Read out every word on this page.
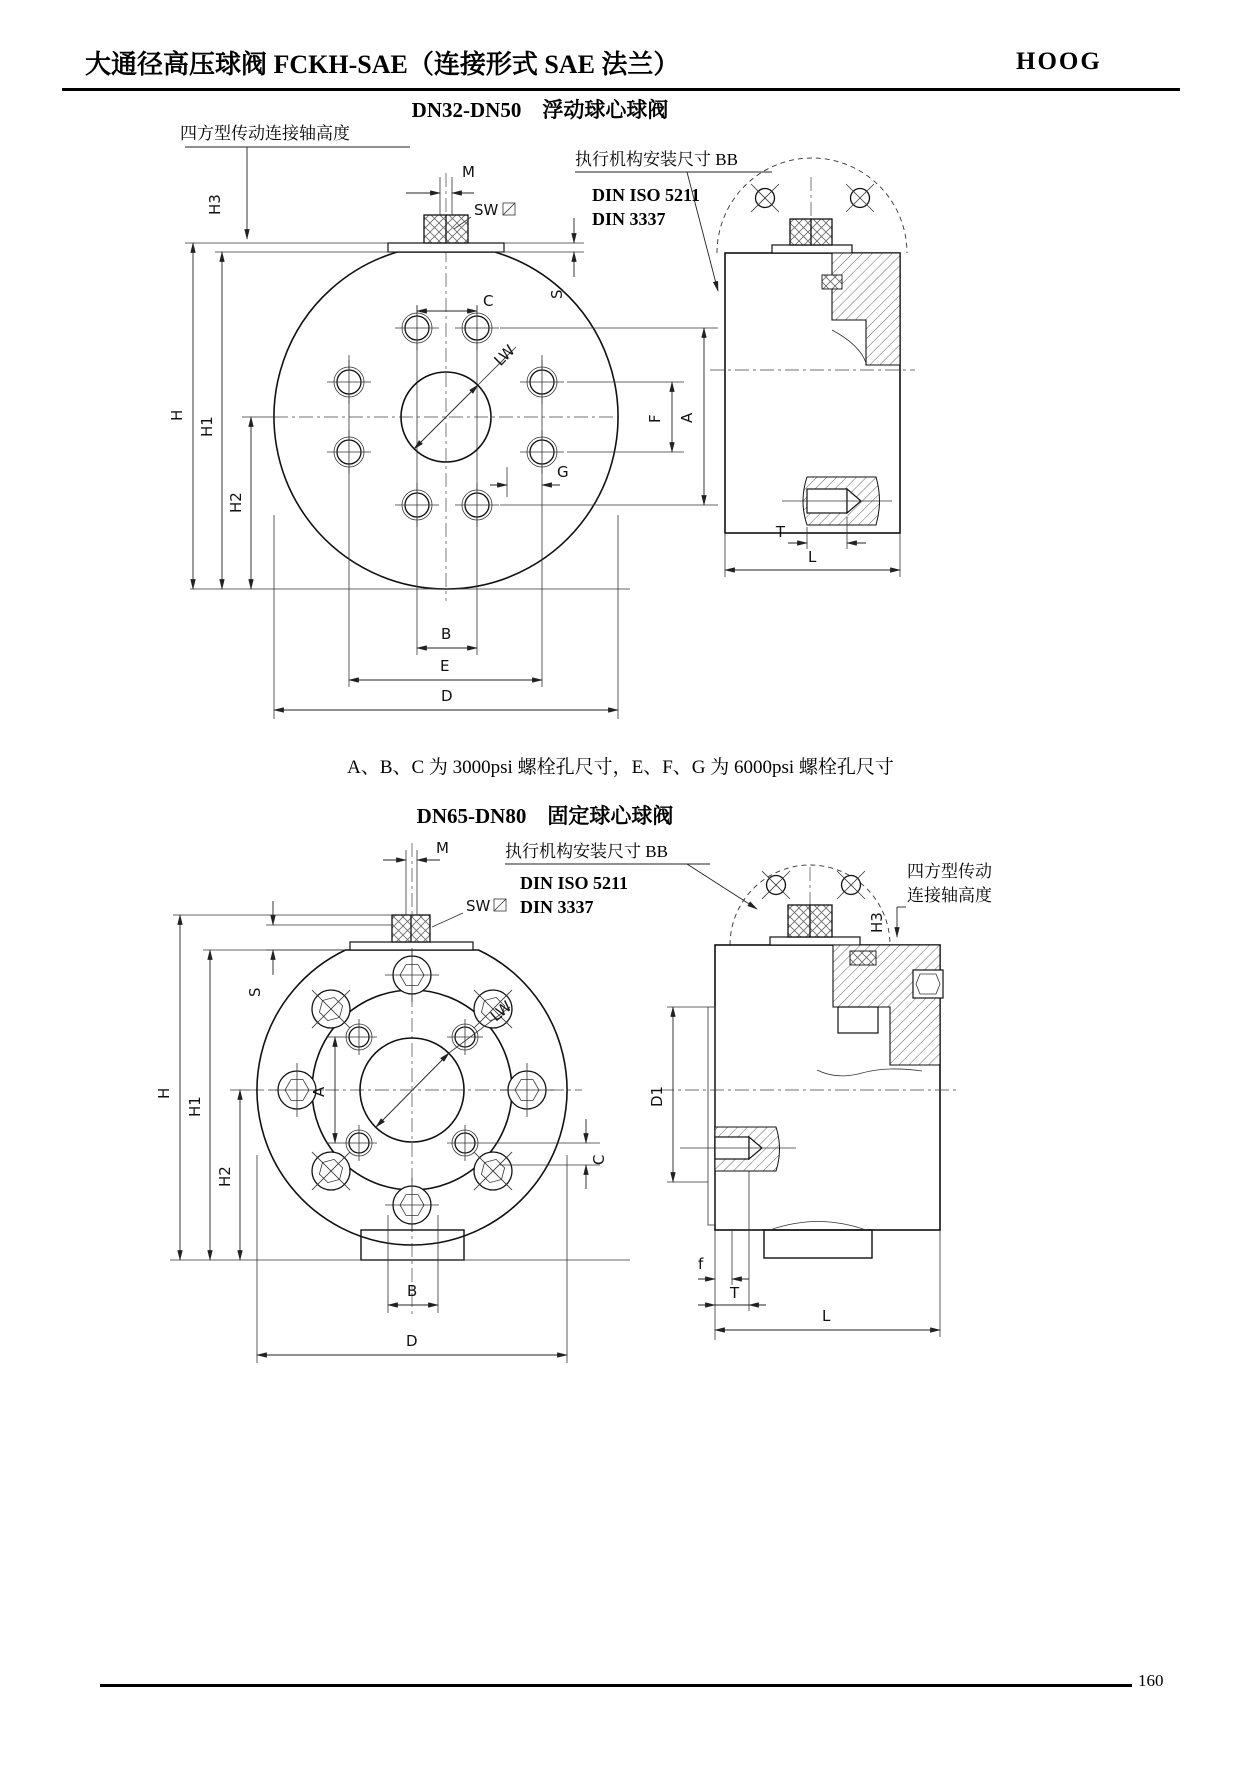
大通径高压球阀 FCKH-SAE（连接形式 SAE 法兰）	HOOG
DN32-DN50　浮动球心球阀
四方型传动连接轴高度
H3
执行机构安装尺寸 BB
DIN ISO 5211
DIN 3337
M
SW
S
LW
C
F A
G
B
E
D
H
H1
H2
T
L
A、B、C 为 3000psi 螺栓孔尺寸，E、F、G 为 6000psi 螺栓孔尺寸
DN65-DN80　固定球心球阀
执行机构安装尺寸 BB
DIN ISO 5211
DIN 3337
四方型传动
连接轴高度
H3
M
SW
S
A
LW
C
B
D
H
H1
H2
D1
f
T
L
160
